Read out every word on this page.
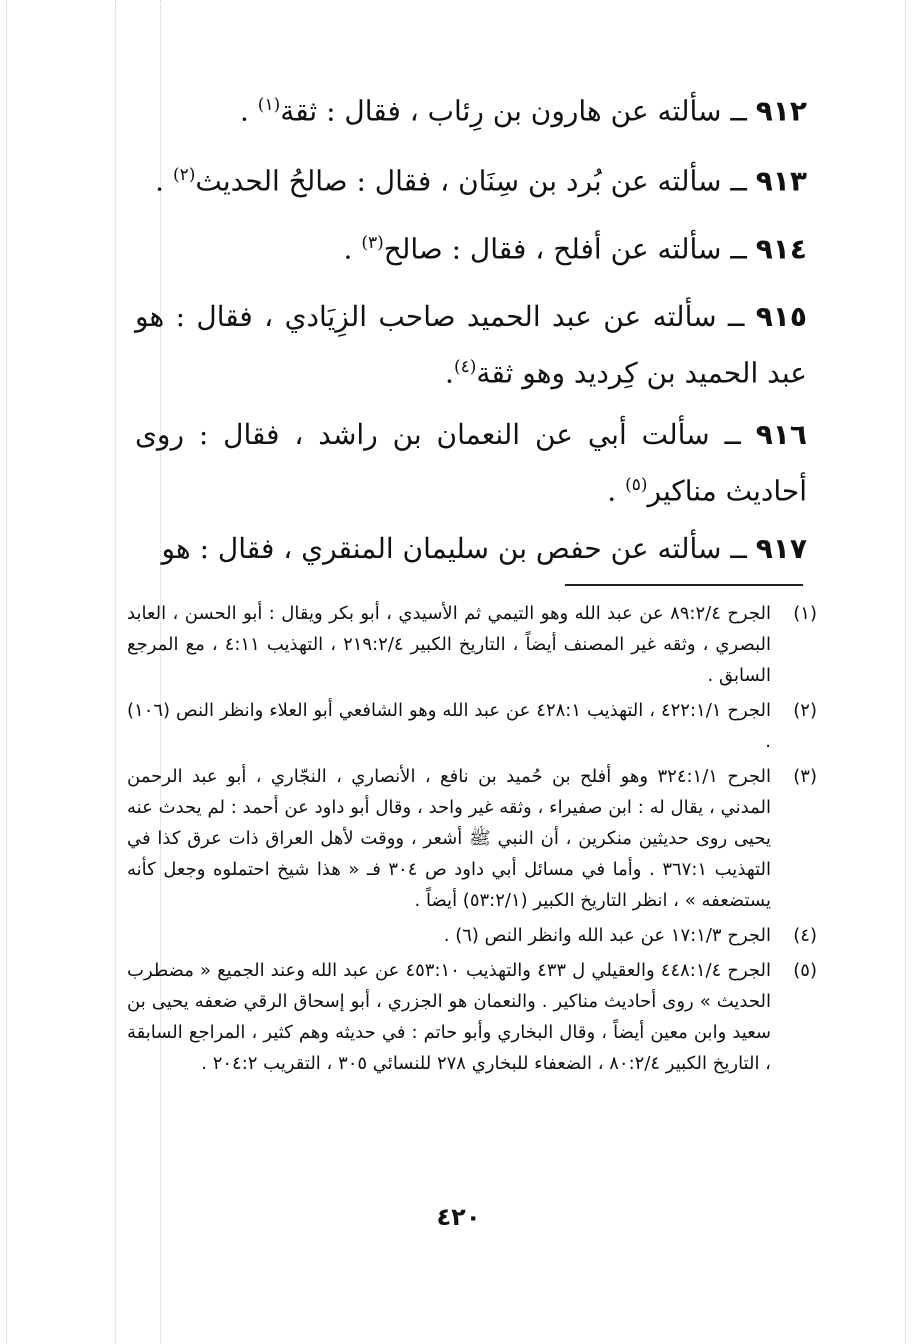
٩١٢ ــ سألته عن هارون بن رِئاب ، فقال : ثقة$^{(١)}$ .
٩١٣ ــ سألته عن بُرد بن سِنَان ، فقال : صالحُ الحديث$^{(٢)}$ .
٩١٤ ــ سألته عن أفلح ، فقال : صالح$^{(٣)}$ .
٩١٥ ــ سألته عن عبد الحميد صاحب الزِيَادي ، فقال : هو عبد الحميد بن كِرديد وهو ثقة$^{(٤)}$.
٩١٦ ــ سألت أبي عن النعمان بن راشد ، فقال : روى أحاديث مناكير$^{(٥)}$ .
٩١٧ ــ سألته عن حفص بن سليمان المنقري ، فقال : هو
(١)
الجرح ٨٩:٢/٤ عن عبد الله وهو التيمي ثم الأسيدي ، أبو بكر ويقال : أبو الحسن ، العابد البصري ، وثقه غير المصنف أيضاً ، التاريخ الكبير ٢١٩:٢/٤ ، التهذيب ٤:١١ ، مع المرجع السابق .
(٢)
الجرح ٤٢٢:١/١ ، التهذيب ٤٢٨:١ عن عبد الله وهو الشافعي أبو العلاء وانظر النص (١٠٦) .
(٣)
الجرح ٣٢٤:١/١ وهو أفلح بن حُميد بن نافع ، الأنصاري ، النجّاري ، أبو عبد الرحمن المدني ، يقال له : ابن صفيراء ، وثقه غير واحد ، وقال أبو داود عن أحمد : لم يحدث عنه يحيى روى حديثين منكرين ، أن النبي ﷺ أشعر ، ووقت لأهل العراق ذات عرق كذا في التهذيب ٣٦٧:١ . وأما في مسائل أبي داود ص ٣٠٤ فـ « هذا شيخ احتملوه وجعل كأنه يستضعفه » ، انظر التاريخ الكبير (٥٣:٢/١) أيضاً .
(٤)
الجرح ١٧:١/٣ عن عبد الله وانظر النص (٦) .
(٥)
الجرح ٤٤٨:١/٤ والعقيلي ل ٤٣٣ والتهذيب ٤٥٣:١٠ عن عبد الله وعند الجميع « مضطرب الحديث » روى أحاديث مناكير . والنعمان هو الجزري ، أبو إسحاق الرقي ضعفه يحيى بن سعيد وابن معين أيضاً ، وقال البخاري وأبو حاتم : في حديثه وهم كثير ، المراجع السابقة ، التاريخ الكبير ٨٠:٢/٤ ، الضعفاء للبخاري ٢٧٨ للنسائي ٣٠٥ ، التقريب ٢٠٤:٢ .
٤٢٠
